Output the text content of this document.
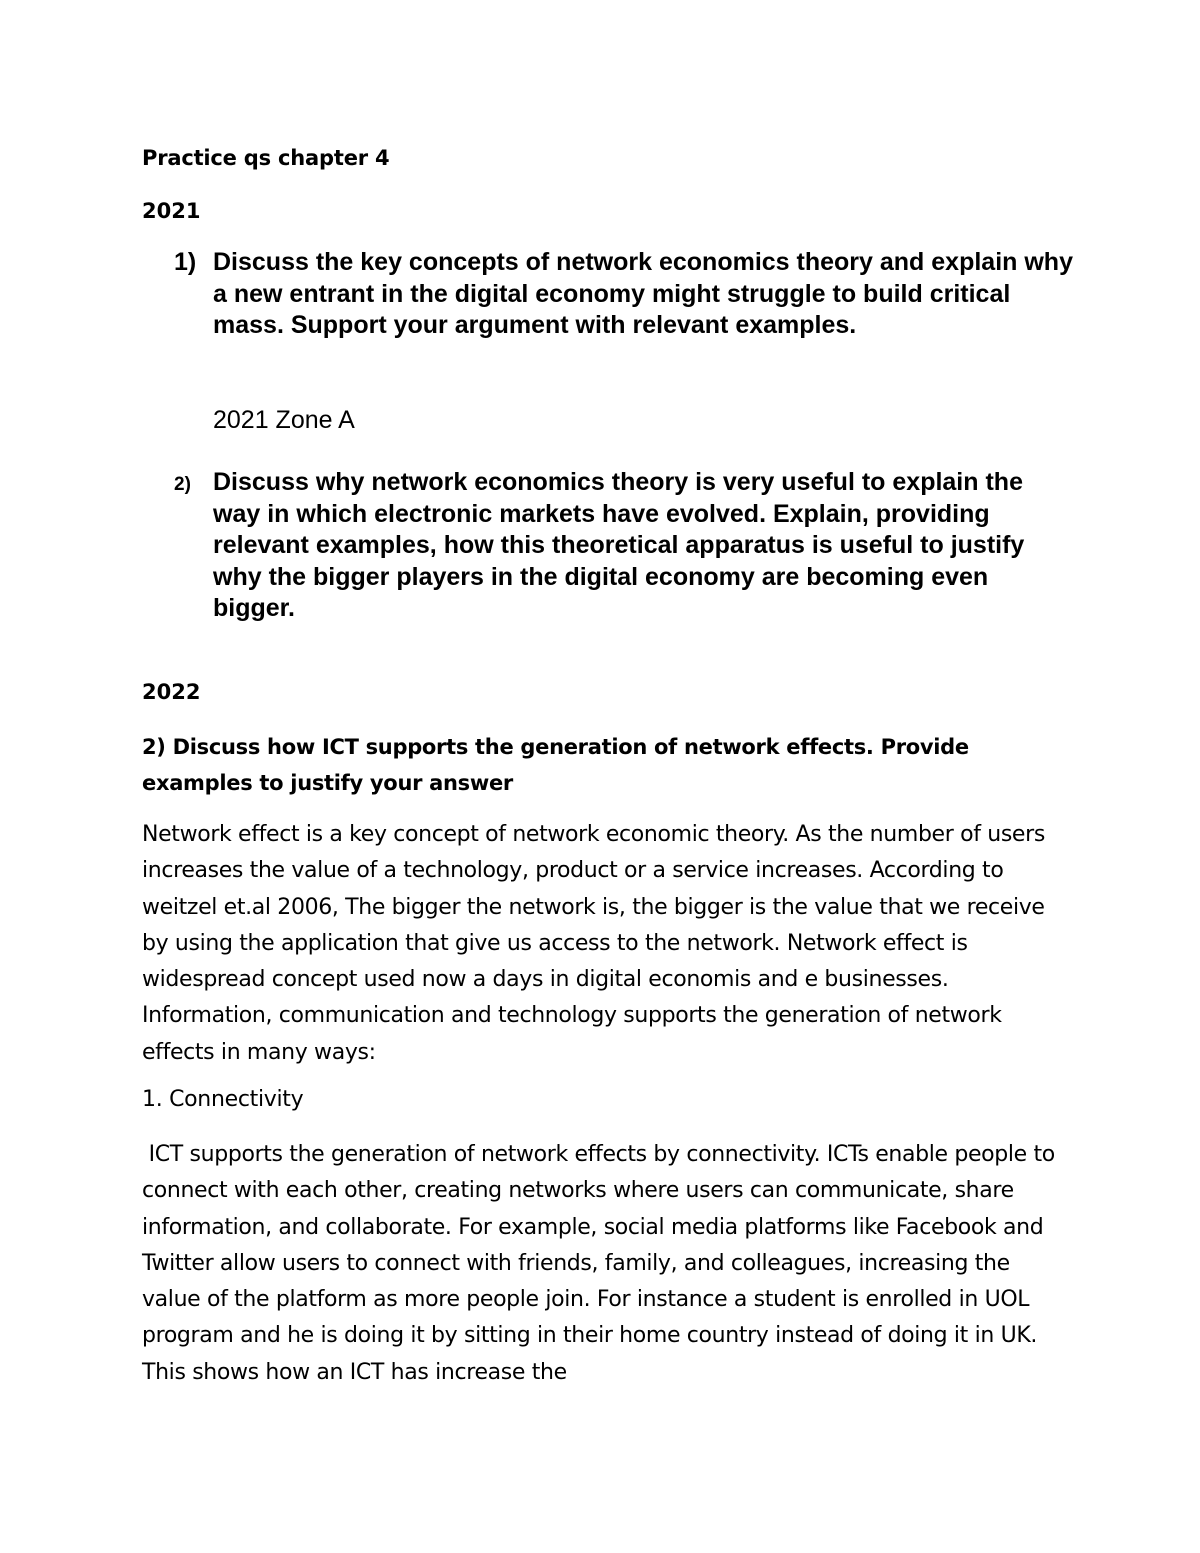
Practice qs chapter 4
2021
1) Discuss the key concepts of network economics theory and explain why a new entrant in the digital economy might struggle to build critical mass. Support your argument with relevant examples.
2021 Zone A
2) Discuss why network economics theory is very useful to explain the way in which electronic markets have evolved. Explain, providing relevant examples, how this theoretical apparatus is useful to justify why the bigger players in the digital economy are becoming even bigger.
2022
2) Discuss how ICT supports the generation of network effects. Provide examples to justify your answer
Network effect is a key concept of network economic theory. As the number of users increases the value of a technology, product or a service increases. According to weitzel et.al 2006, The bigger the network is, the bigger is the value that we receive by using the application that give us access to the network. Network effect is widespread concept used now a days in digital economis and e businesses. Information, communication and technology supports the generation of network effects in many ways:
1. Connectivity
ICT supports the generation of network effects by connectivity. ICTs enable people to connect with each other, creating networks where users can communicate, share information, and collaborate. For example, social media platforms like Facebook and Twitter allow users to connect with friends, family, and colleagues, increasing the value of the platform as more people join. For instance a student is enrolled in UOL program and he is doing it by sitting in their home country instead of doing it in UK. This shows how an ICT has increase the
